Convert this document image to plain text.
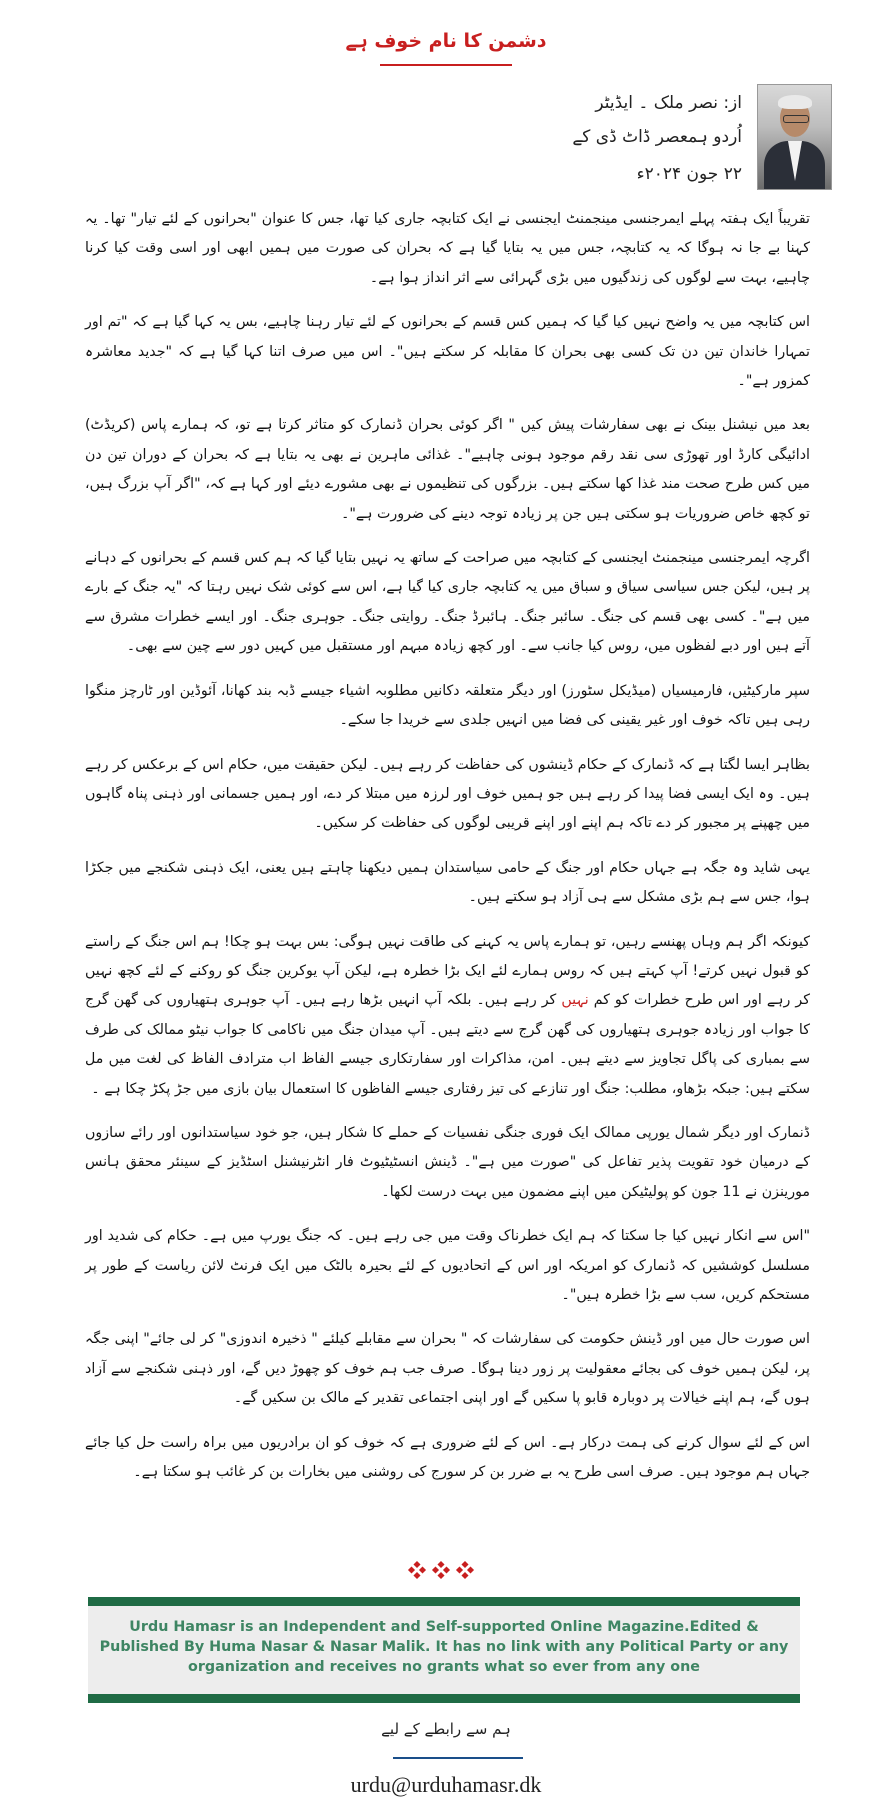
دشمن کا نام خوف ہے
از: نصر ملک ۔ ایڈیٹر
اُردو ہمعصر ڈاٹ ڈی کے
۲۲ جون ۲۰۲۴ء

تقریباً ایک ہفتہ پہلے ایمرجنسی مینجمنٹ ایجنسی نے ایک کتابچہ جاری کیا تھا، جس کا عنوان "بحرانوں کے لئے تیار" تھا۔ یہ کہنا بے جا نہ ہوگا کہ یہ کتابچہ، جس میں یہ بتایا گیا ہے کہ بحران کی صورت میں ہمیں ابھی اور اسی وقت کیا کرنا چاہیے، بہت سے لوگوں کی زندگیوں میں بڑی گہرائی سے اثر انداز ہوا ہے۔

اس کتابچہ میں یہ واضح نہیں کیا گیا کہ ہمیں کس قسم کے بحرانوں کے لئے تیار رہنا چاہیے، بس یہ کہا گیا ہے کہ "تم اور تمہارا خاندان تین دن تک کسی بھی بحران کا مقابلہ کر سکتے ہیں"۔ اس میں صرف اتنا کہا گیا ہے کہ "جدید معاشرہ کمزور ہے"۔

بعد میں نیشنل بینک نے بھی سفارشات پیش کیں " اگر کوئی بحران ڈنمارک کو متاثر کرتا ہے تو، کہ ہمارے پاس (کریڈٹ) ادائیگی کارڈ اور تھوڑی سی نقد رقم موجود ہونی چاہیے"۔ غذائی ماہرین نے بھی یہ بتایا ہے کہ بحران کے دوران تین دن میں کس طرح صحت مند غذا کھا سکتے ہیں۔ بزرگوں کی تنظیموں نے بھی مشورے دیئے اور کہا ہے کہ، "اگر آپ بزرگ ہیں، تو کچھ خاص ضروریات ہو سکتی ہیں جن پر زیادہ توجہ دینے کی ضرورت ہے"۔

اگرچہ ایمرجنسی مینجمنٹ ایجنسی کے کتابچہ میں صراحت کے ساتھ یہ نہیں بتایا گیا کہ ہم کس قسم کے بحرانوں کے دہانے پر ہیں، لیکن جس سیاسی سیاق و سباق میں یہ کتابچہ جاری کیا گیا ہے، اس سے کوئی شک نہیں رہتا کہ "یہ جنگ کے بارے میں ہے"۔ کسی بھی قسم کی جنگ۔ سائبر جنگ۔ ہائبرڈ جنگ۔ روایتی جنگ۔ جوہری جنگ۔ اور ایسے خطرات مشرق سے آتے ہیں اور دبے لفظوں میں، روس کیا جانب سے۔ اور کچھ زیادہ مبہم اور مستقبل میں کہیں دور سے چین سے بھی۔

سپر مارکیٹیں، فارمیسیاں (میڈیکل سٹورز) اور دیگر متعلقہ دکانیں مطلوبہ اشیاء جیسے ڈبہ بند کھانا، آئوڈین اور ٹارچز منگوا رہی ہیں تاکہ خوف اور غیر یقینی کی فضا میں انہیں جلدی سے خریدا جا سکے۔

بظاہر ایسا لگتا ہے کہ ڈنمارک کے حکام ڈینشوں کی حفاظت کر رہے ہیں۔ لیکن حقیقت میں، حکام اس کے برعکس کر رہے ہیں۔ وہ ایک ایسی فضا پیدا کر رہے ہیں جو ہمیں خوف اور لرزہ میں مبتلا کر دے، اور ہمیں جسمانی اور ذہنی پناہ گاہوں میں چھپنے پر مجبور کر دے تاکہ ہم اپنے اور اپنے قریبی لوگوں کی حفاظت کر سکیں۔

یہی شاید وہ جگہ ہے جہاں حکام اور جنگ کے حامی سیاستدان ہمیں دیکھنا چاہتے ہیں یعنی، ایک ذہنی شکنجے میں جکڑا ہوا، جس سے ہم بڑی مشکل سے ہی آزاد ہو سکتے ہیں۔

کیونکہ اگر ہم وہاں پھنسے رہیں، تو ہمارے پاس یہ کہنے کی طاقت نہیں ہوگی: بس بہت ہو چکا! ہم اس جنگ کے راستے کو قبول نہیں کرتے! آپ کہتے ہیں کہ روس ہمارے لئے ایک بڑا خطرہ ہے، لیکن آپ یوکرین جنگ کو روکنے کے لئے کچھ نہیں کر رہے اور اس طرح خطرات کو کم نہیں کر رہے ہیں۔ بلکہ آپ انہیں بڑھا رہے ہیں۔ آپ جوہری ہتھیاروں کی گھن گرج کا جواب اور زیادہ جوہری ہتھیاروں کی گھن گرج سے دیتے ہیں۔ آپ میدان جنگ میں ناکامی کا جواب نیٹو ممالک کی طرف سے بمباری کی پاگل تجاویز سے دیتے ہیں۔ امن، مذاکرات اور سفارتکاری جیسے الفاظ اب مترادف الفاظ کی لغت میں مل سکتے ہیں: جبکہ بڑھاو، مطلب: جنگ اور تنازعے کی تیز رفتاری جیسے الفاظوں کا استعمال بیان بازی میں جڑ پکڑ چکا ہے ۔

ڈنمارک اور دیگر شمال یورپی ممالک ایک فوری جنگی نفسیات کے حملے کا شکار ہیں، جو خود سیاستدانوں اور رائے سازوں کے درمیان خود تقویت پذیر تفاعل کی "صورت میں ہے"۔ ڈینش انسٹیٹیوٹ فار انٹرنیشنل اسٹڈیز کے سینئر محقق ہانس مورینزن نے 11 جون کو پولیٹیکن میں اپنے مضمون میں بہت درست لکھا۔

"اس سے انکار نہیں کیا جا سکتا کہ ہم ایک خطرناک وقت میں جی رہے ہیں۔ کہ جنگ یورپ میں ہے۔ حکام کی شدید اور مسلسل کوششیں کہ ڈنمارک کو امریکہ اور اس کے اتحادیوں کے لئے بحیرہ بالٹک میں ایک فرنٹ لائن ریاست کے طور پر مستحکم کریں، سب سے بڑا خطرہ ہیں"۔

اس صورت حال میں اور ڈینش حکومت کی سفارشات کہ " بحران سے مقابلے کیلئے " ذخیرہ اندوزی" کر لی جائے" اپنی جگہ پر، لیکن ہمیں خوف کی بجائے معقولیت پر زور دینا ہوگا۔ صرف جب ہم خوف کو چھوڑ دیں گے، اور ذہنی شکنجے سے آزاد ہوں گے، ہم اپنے خیالات پر دوبارہ قابو پا سکیں گے اور اپنی اجتماعی تقدیر کے مالک بن سکیں گے۔

اس کے لئے سوال کرنے کی ہمت درکار ہے۔ اس کے لئے ضروری ہے کہ خوف کو ان برادریوں میں براہ راست حل کیا جائے جہاں ہم موجود ہیں۔ صرف اسی طرح یہ بے ضرر بن کر سورج کی روشنی میں بخارات بن کر غائب ہو سکتا ہے۔

Urdu Hamasr is an Independent and Self-supported Online Magazine.Edited & Published By Huma Nasar & Nasar Malik. It has no link with any Political Party or any organization and receives no grants what so ever from any one
ہم سے رابطے کے لیے
urdu@urduhamasr.dk
